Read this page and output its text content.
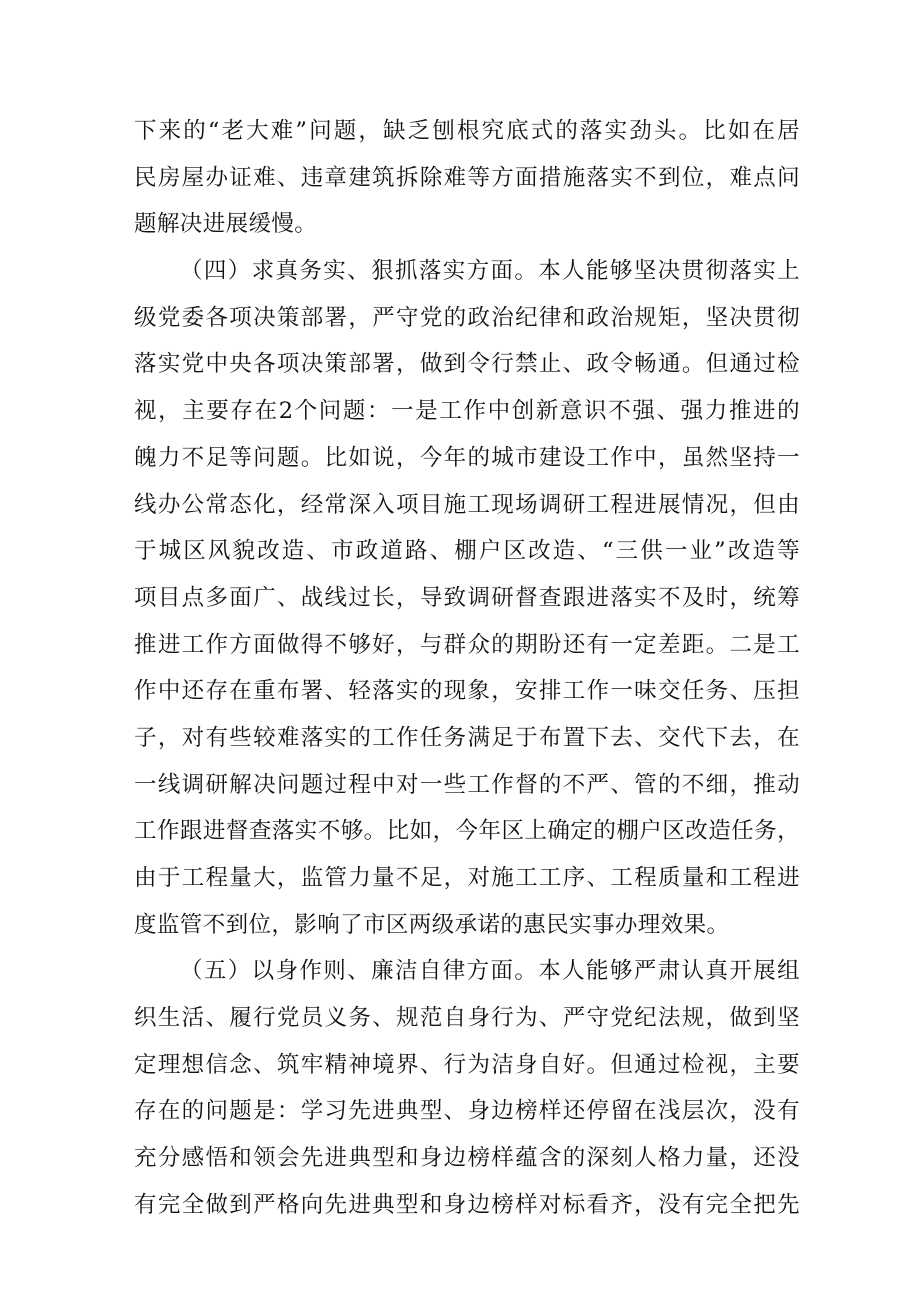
下来的“老大难”问题，缺乏刨根究底式的落实劲头。比如在居
民房屋办证难、违章建筑拆除难等方面措施落实不到位，难点问
题解决进展缓慢。
（四）求真务实、狠抓落实方面。本人能够坚决贯彻落实上
级党委各项决策部署，严守党的政治纪律和政治规矩，坚决贯彻
落实党中央各项决策部署，做到令行禁止、政令畅通。但通过检
视，主要存在2个问题：一是工作中创新意识不强、强力推进的
魄力不足等问题。比如说，今年的城市建设工作中，虽然坚持一
线办公常态化，经常深入项目施工现场调研工程进展情况，但由
于城区风貌改造、市政道路、棚户区改造、“三供一业”改造等
项目点多面广、战线过长，导致调研督查跟进落实不及时，统筹
推进工作方面做得不够好，与群众的期盼还有一定差距。二是工
作中还存在重布署、轻落实的现象，安排工作一味交任务、压担
子，对有些较难落实的工作任务满足于布置下去、交代下去，在
一线调研解决问题过程中对一些工作督的不严、管的不细，推动
工作跟进督查落实不够。比如，今年区上确定的棚户区改造任务，
由于工程量大，监管力量不足，对施工工序、工程质量和工程进
度监管不到位，影响了市区两级承诺的惠民实事办理效果。
（五）以身作则、廉洁自律方面。本人能够严肃认真开展组
织生活、履行党员义务、规范自身行为、严守党纪法规，做到坚
定理想信念、筑牢精神境界、行为洁身自好。但通过检视，主要
存在的问题是：学习先进典型、身边榜样还停留在浅层次，没有
充分感悟和领会先进典型和身边榜样蕴含的深刻人格力量，还没
有完全做到严格向先进典型和身边榜样对标看齐，没有完全把先
